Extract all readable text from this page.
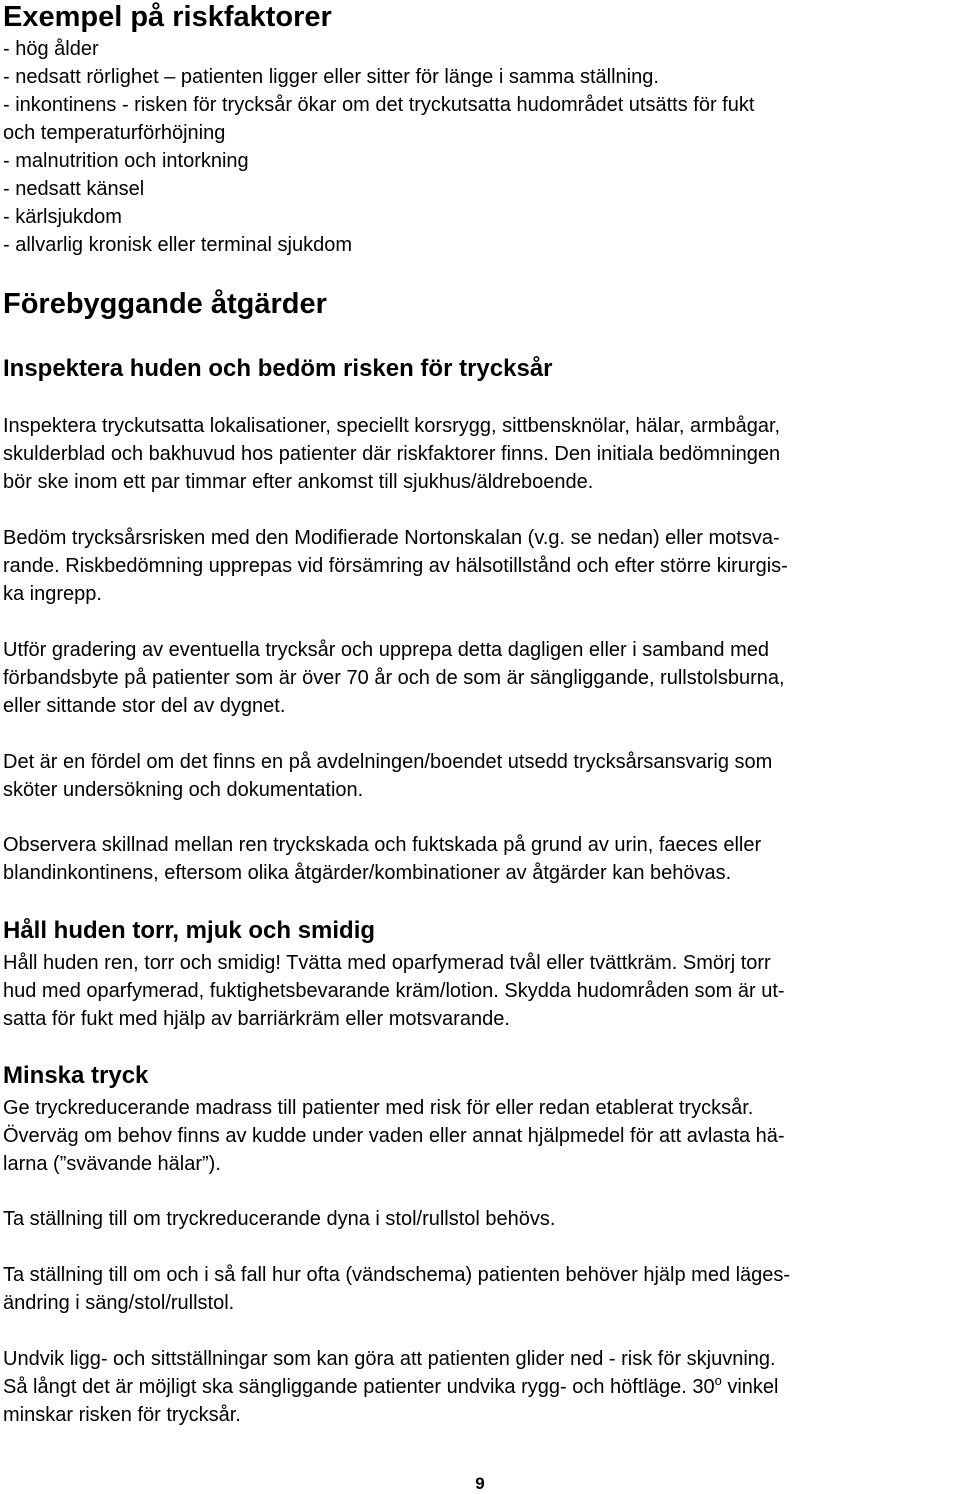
Exempel på riskfaktorer

- hög ålder

- nedsatt rörlighet – patienten ligger eller sitter för länge i samma ställning.

- inkontinens - risken för trycksår ökar om det tryckutsatta hudområdet utsätts för fukt

och temperaturförhöjning

- malnutrition och intorkning

- nedsatt känsel

- kärlsjukdom

- allvarlig kronisk eller terminal sjukdom

Förebyggande åtgärder
Inspektera huden och bedöm risken för trycksår

Inspektera tryckutsatta lokalisationer, speciellt korsrygg, sittbensknölar, hälar, armbågar,

skulderblad och bakhuvud hos patienter där riskfaktorer finns. Den initiala bedömningen

bör ske inom ett par timmar efter ankomst till sjukhus/äldreboende.

Bedöm trycksårsrisken med den Modifierade Nortonskalan (v.g. se nedan) eller motsva-

rande. Riskbedömning upprepas vid försämring av hälsotillstånd och efter större kirurgis-

ka ingrepp.

Utför gradering av eventuella trycksår och upprepa detta dagligen eller i samband med

förbandsbyte på patienter som är över 70 år och de som är sängliggande, rullstolsburna,

eller sittande stor del av dygnet.

Det är en fördel om det finns en på avdelningen/boendet utsedd trycksårsansvarig som

sköter undersökning och dokumentation.

Observera skillnad mellan ren tryckskada och fuktskada på grund av urin, faeces eller

blandinkontinens, eftersom olika åtgärder/kombinationer av åtgärder kan behövas.

Håll huden torr, mjuk och smidig

Håll huden ren, torr och smidig! Tvätta med oparfymerad tvål eller tvättkräm. Smörj torr

hud med oparfymerad, fuktighetsbevarande kräm/lotion. Skydda hudområden som är ut-

satta för fukt med hjälp av barriärkräm eller motsvarande.

Minska tryck

Ge tryckreducerande madrass till patienter med risk för eller redan etablerat trycksår.

Överväg om behov finns av kudde under vaden eller annat hjälpmedel för att avlasta hä-

larna (”svävande hälar”).

Ta ställning till om tryckreducerande dyna i stol/rullstol behövs.

Ta ställning till om och i så fall hur ofta (vändschema) patienten behöver hjälp med läges-

ändring i säng/stol/rullstol.

Undvik ligg- och sittställningar som kan göra att patienten glider ned - risk för skjuvning.

Så långt det är möjligt ska sängliggande patienter undvika rygg- och höftläge. 30$^o$ vinkel

minskar risken för trycksår.

9
